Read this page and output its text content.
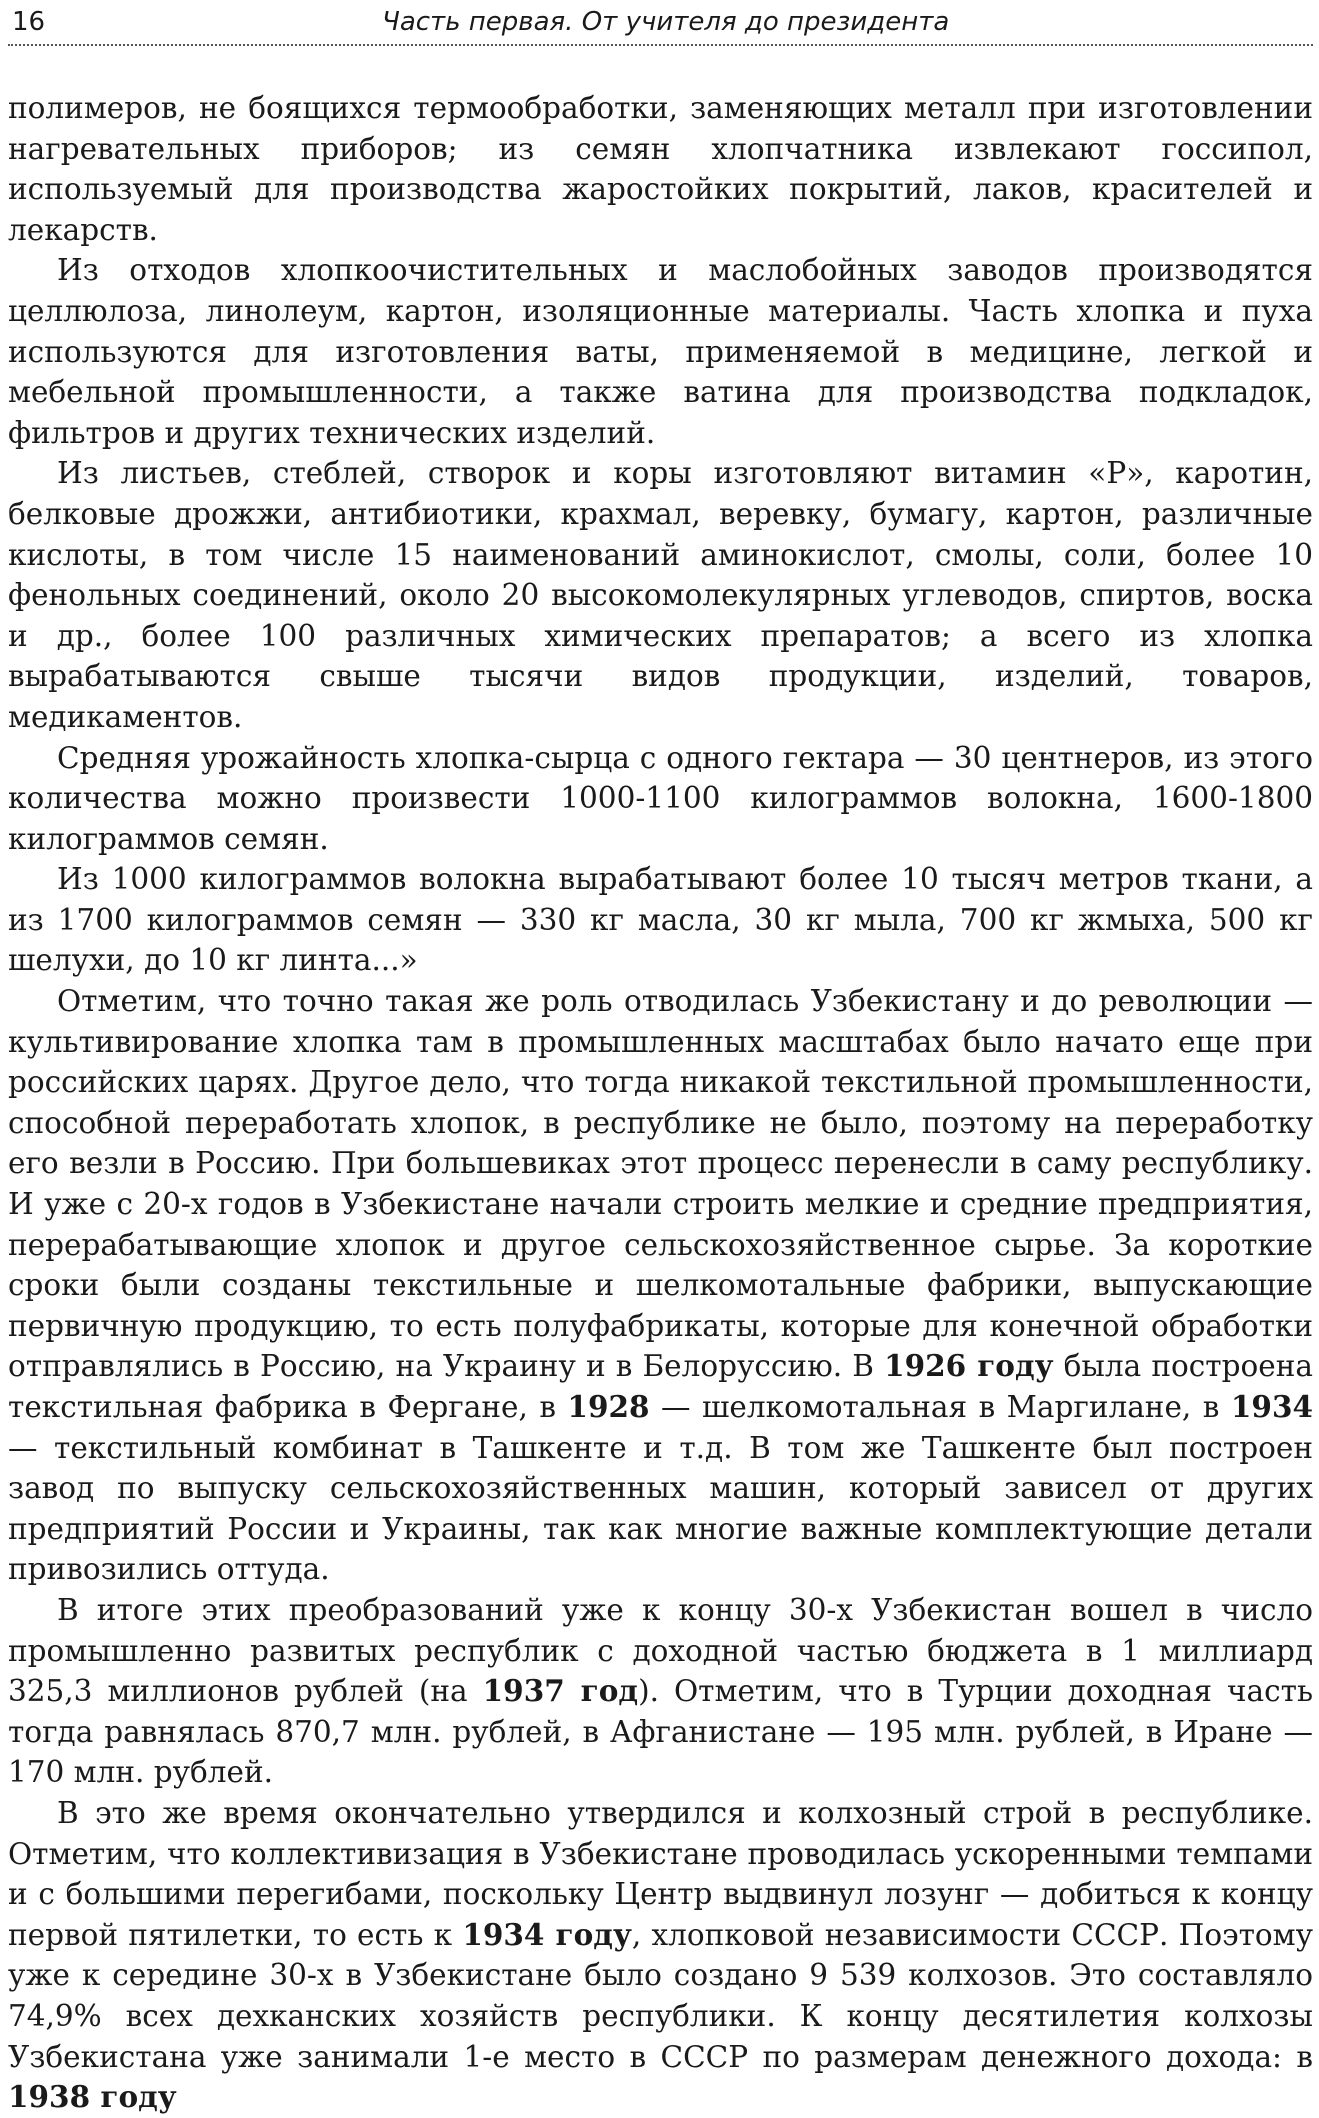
16	Часть первая. От учителя до президента

полимеров, не боящихся термообработки, заменяющих металл при изготовлении нагревательных приборов; из семян хлопчатника извлекают госсипол, используемый для производства жаростойких покрытий, лаков, красителей и лекарств.

Из отходов хлопкоочистительных и маслобойных заводов производятся целлюлоза, линолеум, картон, изоляционные материалы. Часть хлопка и пуха используются для изготовления ваты, применяемой в медицине, легкой и мебельной промышленности, а также ватина для производства подкладок, фильтров и других технических изделий.

Из листьев, стеблей, створок и коры изготовляют витамин «Р», каротин, белковые дрожжи, антибиотики, крахмал, веревку, бумагу, картон, различные кислоты, в том числе 15 наименований аминокислот, смолы, соли, более 10 фенольных соединений, около 20 высокомолекулярных углеводов, спиртов, воска и др., более 100 различных химических препаратов; а всего из хлопка вырабатываются свыше тысячи видов продукции, изделий, товаров, медикаментов.

Средняя урожайность хлопка-сырца с одного гектара — 30 центнеров, из этого количества можно произвести 1000-1100 килограммов волокна, 1600-1800 килограммов семян.

Из 1000 килограммов волокна вырабатывают более 10 тысяч метров ткани, а из 1700 килограммов семян — 330 кг масла, 30 кг мыла, 700 кг жмыха, 500 кг шелухи, до 10 кг линта...»

Отметим, что точно такая же роль отводилась Узбекистану и до революции — культивирование хлопка там в промышленных масштабах было начато еще при российских царях. Другое дело, что тогда никакой текстильной промышленности, способной переработать хлопок, в республике не было, поэтому на переработку его везли в Россию. При большевиках этот процесс перенесли в саму республику. И уже с 20-х годов в Узбекистане начали строить мелкие и средние предприятия, перерабатывающие хлопок и другое сельскохозяйственное сырье. За короткие сроки были созданы текстильные и шелкомотальные фабрики, выпускающие первичную продукцию, то есть полуфабрикаты, которые для конечной обработки отправлялись в Россию, на Украину и в Белоруссию. В 1926 году была построена текстильная фабрика в Фергане, в 1928 — шелкомотальная в Маргилане, в 1934 — текстильный комбинат в Ташкенте и т.д. В том же Ташкенте был построен завод по выпуску сельскохозяйственных машин, который зависел от других предприятий России и Украины, так как многие важные комплектующие детали привозились оттуда.

В итоге этих преобразований уже к концу 30-х Узбекистан вошел в число промышленно развитых республик с доходной частью бюджета в 1 миллиард 325,3 миллионов рублей (на 1937 год). Отметим, что в Турции доходная часть тогда равнялась 870,7 млн. рублей, в Афганистане — 195 млн. рублей, в Иране — 170 млн. рублей.

В это же время окончательно утвердился и колхозный строй в республике. Отметим, что коллективизация в Узбекистане проводилась ускоренными темпами и с большими перегибами, поскольку Центр выдвинул лозунг — добиться к концу первой пятилетки, то есть к 1934 году, хлопковой независимости СССР. Поэтому уже к середине 30-х в Узбекистане было создано 9 539 колхозов. Это составляло 74,9% всех дехканских хозяйств республики. К концу десятилетия колхозы Узбекистана уже занимали 1-е место в СССР по размерам денежного дохода: в 1938 году
